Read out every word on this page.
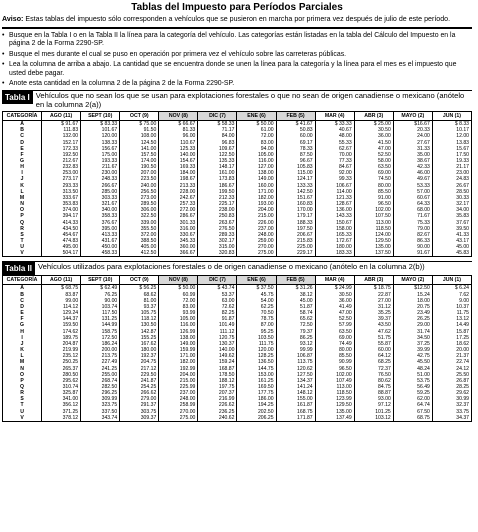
Tablas del Impuesto para Períodos Parciales
Aviso: Estas tablas del impuesto sólo corresponden a vehículos que se pusieron en marcha por primera vez después de julio de este período.
• Busque en la Tabla I o en la Tabla II la línea para la categoría del vehículo. Las categorías están listadas en la tabla del Cálculo del Impuesto en la página 2 de la Forma 2290-SP.
• Busque el mes durante el cual se puso en operación por primera vez el vehículo sobre las carreteras públicas.
• Lea la columna de arriba a abajo. La cantidad que se encuentra donde se unen la línea para la categoría y la línea para el mes es el impuesto que usted debe pagar.
• Anote esta cantidad en la columna 2 de la página 2 de la Forma 2290-SP.
Tabla I Vehículos que no sean los que se usan para explotaciones forestales o que no sean de origen canadiense o mexicano (anótelo en la columna 2(a))
CATEGORÍA	AGO (11)	SEPT (10)	OCT (9)	NOV (8)	DIC (7)	ENE (6)	FEB (5)	MAR (4)	ABR (3)	MAYO (2)	JUN (1)
A	$ 91.67	$ 83.33	$ 75.00	$ 66.67	$ 58.33	$ 50.00	$ 41.67	$ 33.33	$ 25.00	$16.67	$ 8.33
B	111.83	101.67	91.50	81.33	71.17	61.00	50.83	40.67	30.50	20.33	10.17
C	132.00	120.00	108.00	96.00	84.00	72.00	60.00	48.00	36.00	24.00	12.00
D	152.17	138.33	124.50	110.67	96.83	83.00	69.17	55.33	41.50	27.67	13.83
E	172.33	156.67	141.00	125.33	109.67	94.00	78.33	62.67	47.00	31.33	15.67
F	192.50	175.00	157.50	140.00	122.50	105.00	87.50	70.00	52.50	35.00	17.50
G	212.67	193.33	174.00	154.67	135.33	116.00	96.67	77.33	58.00	38.67	19.33
H	232.83	211.67	190.50	169.33	148.17	127.00	105.83	84.67	63.50	42.33	21.17
I	253.00	230.00	207.00	184.00	161.00	138.00	115.00	92.00	69.00	46.00	23.00
J	273.17	248.33	223.50	198.67	173.83	149.00	124.17	99.33	74.50	49.67	24.83
K	293.33	266.67	240.00	213.33	186.67	160.00	133.33	106.67	80.00	53.33	26.67
L	313.50	285.00	256.50	228.00	199.50	171.00	142.50	114.00	85.50	57.00	28.50
M	333.67	303.33	273.00	242.67	212.33	182.00	151.67	121.33	91.00	60.67	30.33
N	353.83	321.67	289.50	257.33	225.17	193.00	160.83	128.67	96.50	64.33	32.17
O	374.00	340.00	306.00	272.00	238.00	204.00	170.00	136.00	102.00	68.00	34.00
P	394.17	358.33	322.50	286.67	250.83	215.00	179.17	143.33	107.50	71.67	35.83
Q	414.33	376.67	339.00	301.33	263.67	226.00	188.33	150.67	113.00	75.33	37.67
R	434.50	395.00	355.50	316.00	276.50	237.00	197.50	158.00	118.50	79.00	39.50
S	454.67	413.33	372.00	330.67	289.33	248.00	206.67	165.33	124.00	82.67	41.33
T	474.83	431.67	388.50	345.33	302.17	259.00	215.83	172.67	129.50	86.33	43.17
U	495.00	450.00	405.00	360.00	315.00	270.00	225.00	180.00	135.00	90.00	45.00
V	504.17	458.33	412.50	366.67	320.83	275.00	229.17	183.33	137.50	91.67	45.83
Tabla II Vehículos utilizados para explotaciones forestales o de origen canadiense o mexicano (anótelo en la columna 2(b))
CATEGORÍA	AGO (11)	SEPT (10)	OCT (9)	NOV (8)	DIC (7)	ENE (6)	FEB (5)	MAR (4)	ABR (3)	MAYO (2)	JUN (1)
A	$ 68.75	$ 62.49	$ 56.25	$ 50.00	$ 43.74	$ 37.50	$ 31.26	$ 24.99	$ 18.75	$12.50	$ 6.24
B	83.87	76.25	68.62	60.99	53.37	45.75	38.12	30.50	22.87	15.24	7.62
C	99.00	90.00	81.00	72.00	63.00	54.00	45.00	36.00	27.00	18.00	9.00
D	114.12	103.74	93.37	83.00	72.62	62.25	51.87	41.49	31.12	20.75	10.37
E	129.24	117.50	105.75	93.99	82.25	70.50	58.74	47.00	35.25	23.49	11.75
F	144.37	131.25	118.12	105.00	91.87	78.75	65.62	52.50	39.37	26.25	13.12
G	159.50	144.99	130.50	116.00	101.49	87.00	72.50	57.99	43.50	29.00	14.49
H	174.62	158.75	142.87	126.99	111.12	95.25	79.37	63.50	47.62	31.74	15.87
I	189.75	172.50	155.25	138.00	120.75	103.50	86.25	69.00	51.75	34.50	17.25
J	204.87	186.24	167.62	149.00	130.37	111.75	93.12	74.49	55.87	37.25	18.62
K	219.99	200.00	180.00	159.99	140.00	120.00	99.99	80.00	60.00	39.99	20.00
L	235.12	213.75	192.37	171.00	149.62	128.25	106.87	85.50	64.12	42.75	21.37
M	250.25	227.49	204.75	182.00	159.24	136.50	113.75	90.99	68.25	45.50	22.74
N	265.37	241.25	217.12	192.99	168.87	144.75	120.62	96.50	72.37	48.24	24.12
O	280.50	255.00	229.50	204.00	178.50	153.00	127.50	102.00	76.50	51.00	25.50
P	295.62	268.74	241.87	215.00	188.12	161.25	134.37	107.49	80.62	53.75	26.87
Q	310.74	282.50	254.25	225.99	197.75	169.50	141.24	113.00	84.75	56.49	28.25
R	325.87	296.25	266.62	237.00	207.37	177.75	148.12	118.50	88.87	59.25	29.62
S	341.00	309.99	279.00	248.00	216.99	186.00	155.00	123.99	93.00	62.00	30.99
T	356.12	323.75	291.37	258.99	226.62	194.25	161.87	129.50	97.12	64.74	32.37
U	371.25	337.50	303.75	270.00	236.25	202.50	168.75	135.00	101.25	67.50	33.75
V	378.12	343.74	309.37	275.00	240.62	206.25	171.87	137.49	103.12	68.75	34.37
